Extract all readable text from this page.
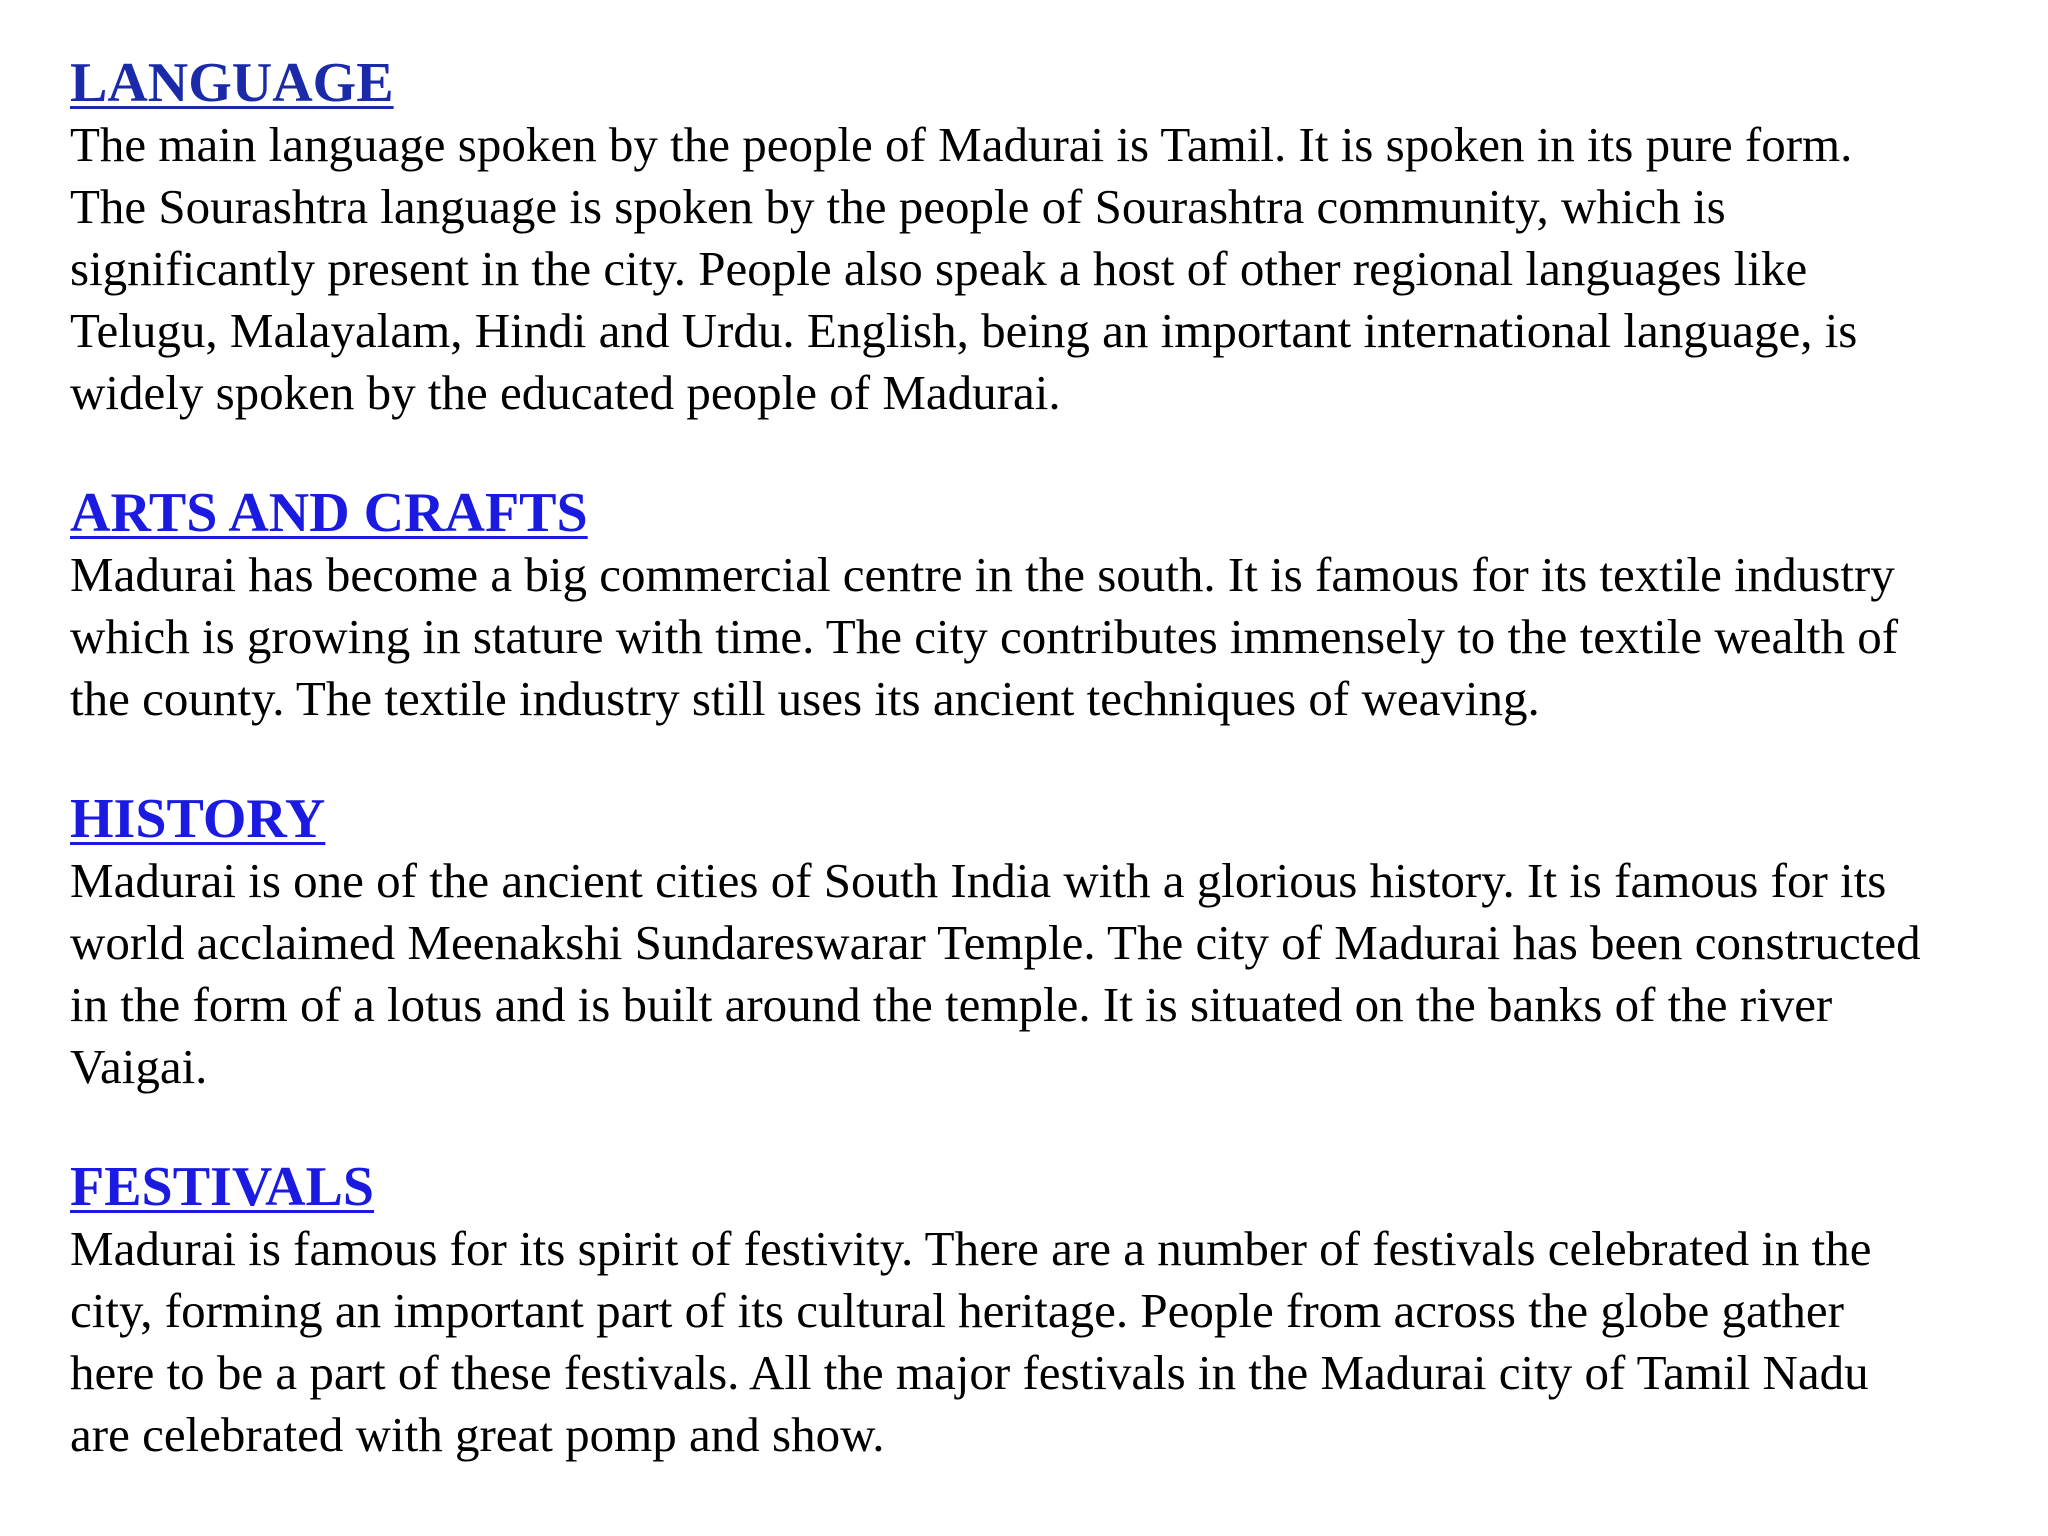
LANGUAGE

The main language spoken by the people of Madurai is Tamil. It is spoken in its pure form.
The Sourashtra language is spoken by the people of Sourashtra community, which is
significantly present in the city. People also speak a host of other regional languages like
Telugu, Malayalam, Hindi and Urdu. English, being an important international language, is
widely spoken by the educated people of Madurai.

ARTS AND CRAFTS

Madurai has become a big commercial centre in the south. It is famous for its textile industry
which is growing in stature with time. The city contributes immensely to the textile wealth of
the county. The textile industry still uses its ancient techniques of weaving.

HISTORY

Madurai is one of the ancient cities of South India with a glorious history. It is famous for its
world acclaimed Meenakshi Sundareswarar Temple. The city of Madurai has been constructed
in the form of a lotus and is built around the temple. It is situated on the banks of the river
Vaigai.

FESTIVALS

Madurai is famous for its spirit of festivity. There are a number of festivals celebrated in the
city, forming an important part of its cultural heritage. People from across the globe gather
here to be a part of these festivals. All the major festivals in the Madurai city of Tamil Nadu
are celebrated with great pomp and show.
